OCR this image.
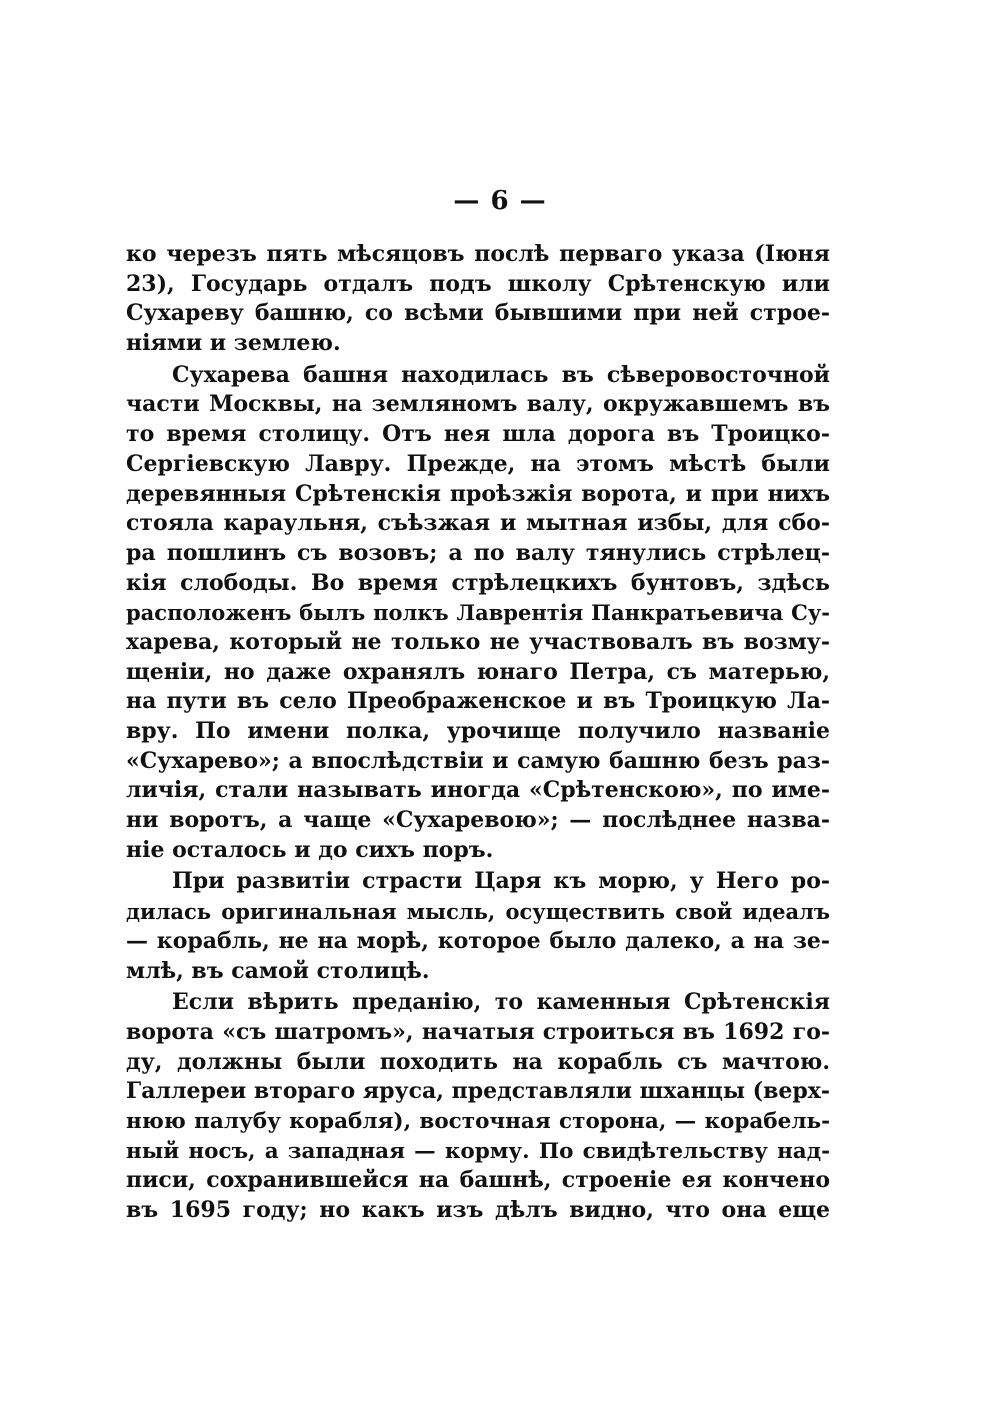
— 6 —
ко черезъ пять мѣсяцовъ послѣ перваго указа (Іюня
23), Государь отдалъ подъ школу Срѣтенскую или
Сухареву башню, со всѣми бывшими при ней строе-
ніями и землею.
Сухарева башня находилась въ сѣверовосточной
части Москвы, на земляномъ валу, окружавшемъ въ
то время столицу. Отъ нея шла дорога въ Троицко-
Сергіевскую Лавру. Прежде, на этомъ мѣстѣ были
деревянныя Срѣтенскія проѣзжія ворота, и при нихъ
стояла караульня, съѣзжая и мытная избы, для сбо-
ра пошлинъ съ возовъ; а по валу тянулись стрѣлец-
кія слободы. Во время стрѣлецкихъ бунтовъ, здѣсь
расположенъ былъ полкъ Лаврентія Панкратьевича Су-
харева, который не только не участвовалъ въ возму-
щеніи, но даже охранялъ юнаго Петра, съ матерью,
на пути въ село Преображенское и въ Троицкую Ла-
вру. По имени полка, урочище получило названіе
«Сухарево»; а впослѣдствіи и самую башню безъ раз-
личія, стали называть иногда «Срѣтенскою», по име-
ни воротъ, а чаще «Сухаревою»; — послѣднее назва-
ніе осталось и до сихъ поръ.
При развитіи страсти Царя къ морю, у Него ро-
дилась оригинальная мысль, осуществить свой идеалъ
— корабль, не на морѣ, которое было далеко, а на зе-
млѣ, въ самой столицѣ.
Если вѣрить преданію, то каменныя Срѣтенскія
ворота «съ шатромъ», начатыя строиться въ 1692 го-
ду, должны были походить на корабль съ мачтою.
Галлереи втораго яруса, представляли шханцы (верх-
нюю палубу корабля), восточная сторона, — корабель-
ный носъ, а западная — корму. По свидѣтельству над-
писи, сохранившейся на башнѣ, строеніе ея кончено
въ 1695 году; но какъ изъ дѣлъ видно, что она еще
